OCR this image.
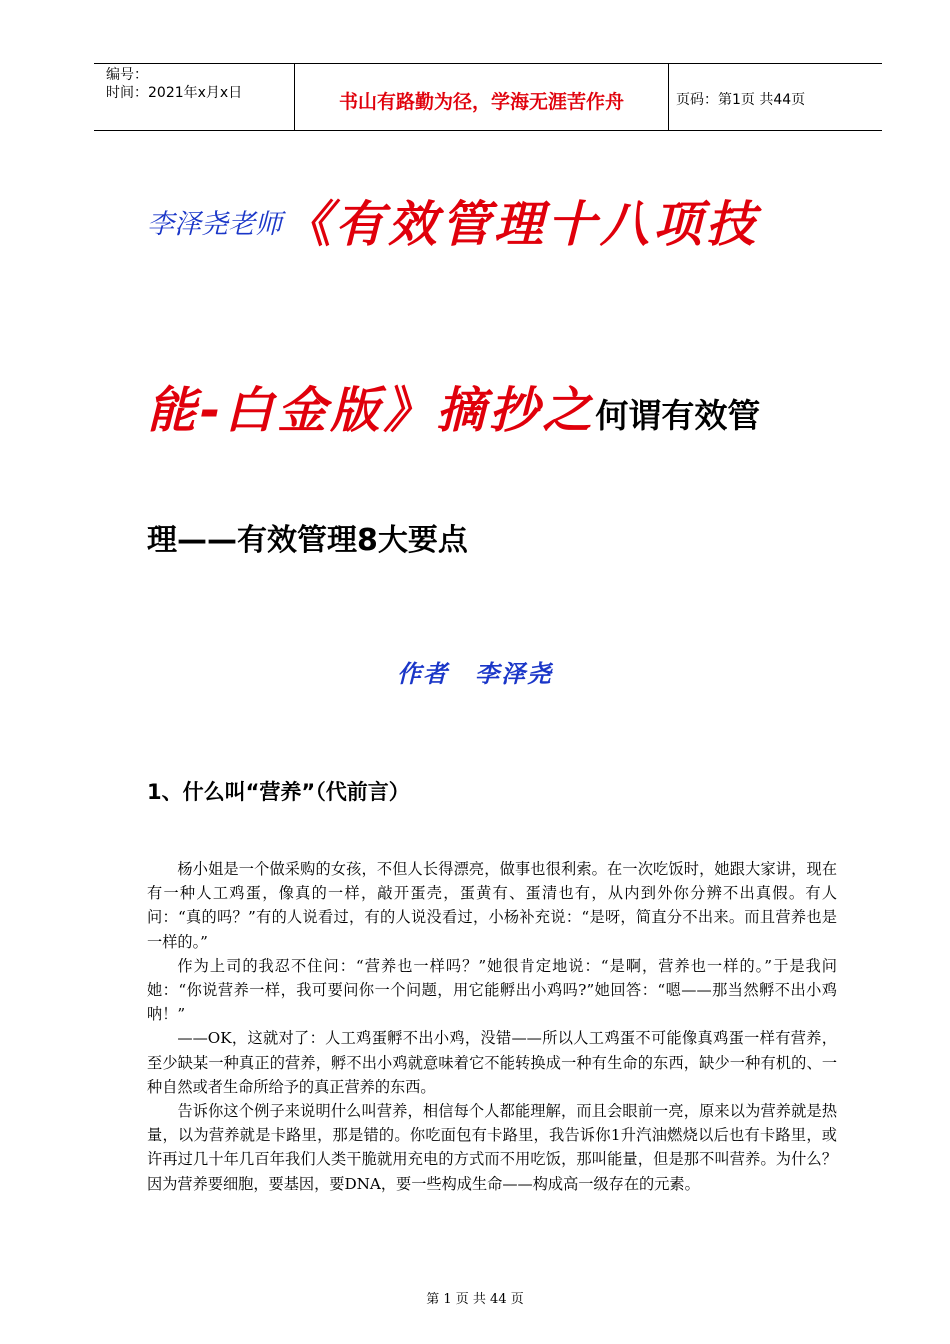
编号：
时间：2021年x月x日	书山有路勤为径，学海无涯苦作舟	页码：第1页 共44页
李泽尧老师《有效管理十八项技
能-白金版》摘抄之何谓有效管
理——有效管理8大要点
作者　李泽尧
1、什么叫“营养”（代前言）

杨小姐是一个做采购的女孩，不但人长得漂亮，做事也很利索。在一次吃饭时，她跟大家讲，现在有一种人工鸡蛋，像真的一样，敲开蛋壳，蛋黄有、蛋清也有，从内到外你分辨不出真假。有人问：“真的吗？”有的人说看过，有的人说没看过，小杨补充说：“是呀，简直分不出来。而且营养也是一样的。”

作为上司的我忍不住问：“营养也一样吗？”她很肯定地说：“是啊，营养也一样的。”于是我问她：“你说营养一样，我可要问你一个问题，用它能孵出小鸡吗?”她回答：“嗯——那当然孵不出小鸡呐！”

——OK，这就对了：人工鸡蛋孵不出小鸡，没错——所以人工鸡蛋不可能像真鸡蛋一样有营养，至少缺某一种真正的营养，孵不出小鸡就意味着它不能转换成一种有生命的东西，缺少一种有机的、一种自然或者生命所给予的真正营养的东西。

告诉你这个例子来说明什么叫营养，相信每个人都能理解，而且会眼前一亮，原来以为营养就是热量，以为营养就是卡路里，那是错的。你吃面包有卡路里，我告诉你1升汽油燃烧以后也有卡路里，或许再过几十年几百年我们人类干脆就用充电的方式而不用吃饭，那叫能量，但是那不叫营养。为什么？因为营养要细胞，要基因，要DNA，要一些构成生命——构成高一级存在的元素。

第 1 页 共 44 页
